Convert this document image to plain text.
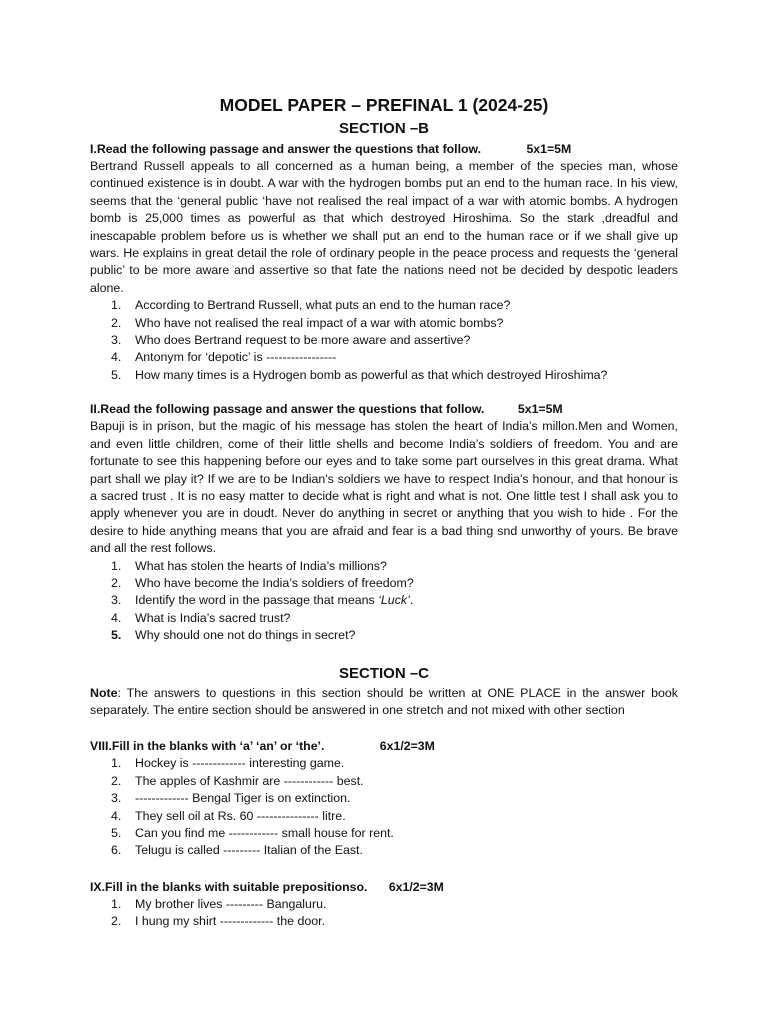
MODEL PAPER – PREFINAL 1 (2024-25)

SECTION –B

I.Read the following passage and answer the questions that follow.	5x1=5M

Bertrand Russell appeals to all concerned as a human being, a member of the species man, whose continued existence is in doubt. A war with the hydrogen bombs put an end to the human race. In his view, seems that the ‘general public ‘have not realised the real impact of a war with atomic bombs. A hydrogen bomb is 25,000 times as powerful as that which destroyed Hiroshima. So the stark ,dreadful and inescapable problem before us is whether we shall put an end to the human race or if we shall give up wars. He explains in great detail the role of ordinary people in the peace process and requests the ‘general public’ to be more aware and assertive so that fate the nations need not be decided by despotic leaders alone.

1. According to Bertrand Russell, what puts an end to the human race?
2. Who have not realised the real impact of a war with atomic bombs?
3. Who does Bertrand request to be more aware and assertive?
4. Antonym for ‘depotic’ is -----------------
5. How many times is a Hydrogen bomb as powerful as that which destroyed Hiroshima?

II.Read the following passage and answer the questions that follow.	5x1=5M

Bapuji is in prison, but the magic of his message has stolen the heart of India’s millon.Men and Women, and even little children, come of their little shells and become India’s soldiers of freedom. You and are fortunate to see this happening before our eyes and to take some part ourselves in this great drama. What part shall we play it? If we are to be Indian's soldiers we have to respect India's honour, and that honour is a sacred trust . It is no easy matter to decide what is right and what is not. One little test I shall ask you to apply whenever you are in doudt. Never do anything in secret or anything that you wish to hide . For the desire to hide anything means that you are afraid and fear is a bad thing snd unworthy of yours. Be brave and all the rest follows.

1. What has stolen the hearts of India’s millions?
2. Who have become the India’s soldiers of freedom?
3. Identify the word in the passage that means ‘Luck’.
4. What is India’s sacred trust?
5. Why should one not do things in secret?

SECTION –C

Note: The answers to questions in this section should be written at ONE PLACE in the answer book separately. The entire section should be answered in one stretch and not mixed with other section

VIII.Fill in the blanks with ‘a’ ‘an’ or ‘the’.	6x1/2=3M

1. Hockey is ------------- interesting game.
2. The apples of Kashmir are ------------ best.
3. ------------- Bengal Tiger is on extinction.
4. They sell oil at Rs. 60 --------------- litre.
5. Can you find me ------------ small house for rent.
6. Telugu is called --------- Italian of the East.

IX.Fill in the blanks with suitable prepositionso. 6x1/2=3M

1. My brother lives --------- Bangaluru.
2. I hung my shirt ------------- the door.
